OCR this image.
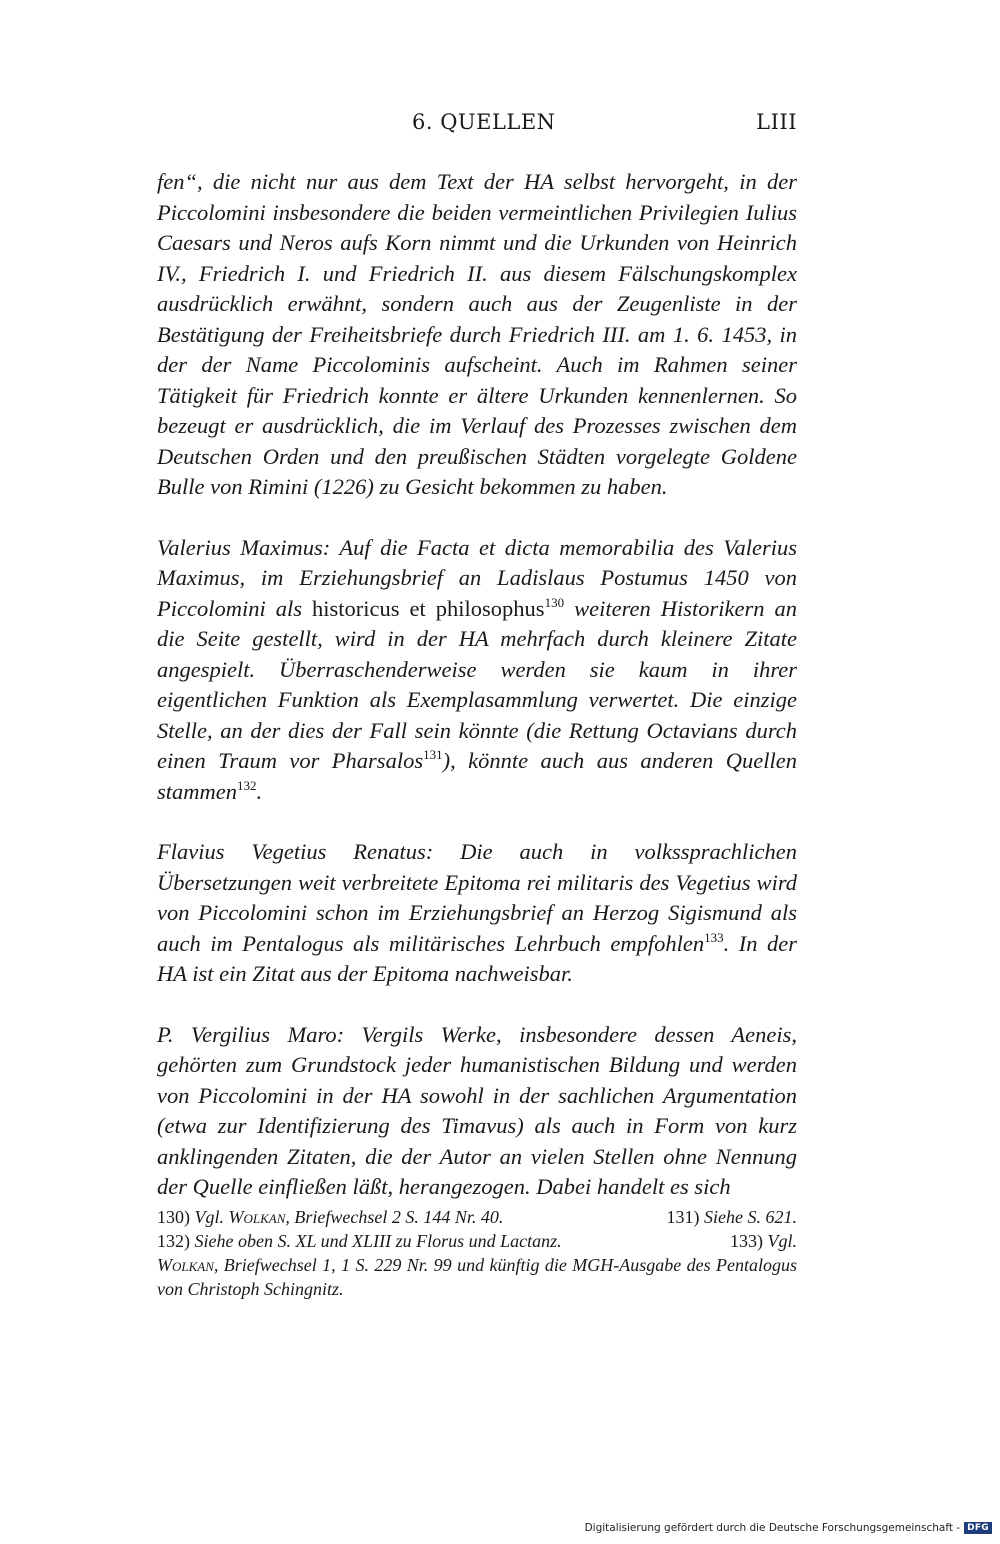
6. QUELLEN	LIII

fen“, die nicht nur aus dem Text der HA selbst hervorgeht, in der Piccolomini insbesondere die beiden vermeintlichen Privilegien Iulius Caesars und Neros aufs Korn nimmt und die Urkunden von Heinrich IV., Friedrich I. und Friedrich II. aus diesem Fälschungskomplex ausdrücklich erwähnt, sondern auch aus der Zeugenliste in der Bestätigung der Freiheitsbriefe durch Friedrich III. am 1. 6. 1453, in der der Name Piccolominis aufscheint. Auch im Rahmen seiner Tätigkeit für Friedrich konnte er ältere Urkunden kennenlernen. So bezeugt er ausdrücklich, die im Verlauf des Prozesses zwischen dem Deutschen Orden und den preußischen Städten vorgelegte Goldene Bulle von Rimini (1226) zu Gesicht bekommen zu haben.

Valerius Maximus: Auf die Facta et dicta memorabilia des Valerius Maximus, im Erziehungsbrief an Ladislaus Postumus 1450 von Piccolomini als historicus et philosophus$^{130}$ weiteren Historikern an die Seite gestellt, wird in der HA mehrfach durch kleinere Zitate angespielt. Überraschenderweise werden sie kaum in ihrer eigentlichen Funktion als Exemplasammlung verwertet. Die einzige Stelle, an der dies der Fall sein könnte (die Rettung Octavians durch einen Traum vor Pharsalos$^{131}$), könnte auch aus anderen Quellen stammen$^{132}$.

Flavius Vegetius Renatus: Die auch in volkssprachlichen Übersetzungen weit verbreitete Epitoma rei militaris des Vegetius wird von Piccolomini schon im Erziehungsbrief an Herzog Sigismund als auch im Pentalogus als militärisches Lehrbuch empfohlen$^{133}$. In der HA ist ein Zitat aus der Epitoma nachweisbar.

P. Vergilius Maro: Vergils Werke, insbesondere dessen Aeneis, gehörten zum Grundstock jeder humanistischen Bildung und werden von Piccolomini in der HA sowohl in der sachlichen Argumentation (etwa zur Identifizierung des Timavus) als auch in Form von kurz anklingenden Zitaten, die der Autor an vielen Stellen ohne Nennung der Quelle einfließen läßt, herangezogen. Dabei handelt es sich

130) Vgl. Wolkan, Briefwechsel 2 S. 144 Nr. 40.	131) Siehe S. 621.
132) Siehe oben S. XL und XLIII zu Florus und Lactanz.	133) Vgl.
Wolkan, Briefwechsel 1, 1 S. 229 Nr. 99 und künftig die MGH-Ausgabe des Pentalogus von Christoph Schingnitz.
Digitalisierung gefördert durch die Deutsche Forschungsgemeinschaft - DFG
